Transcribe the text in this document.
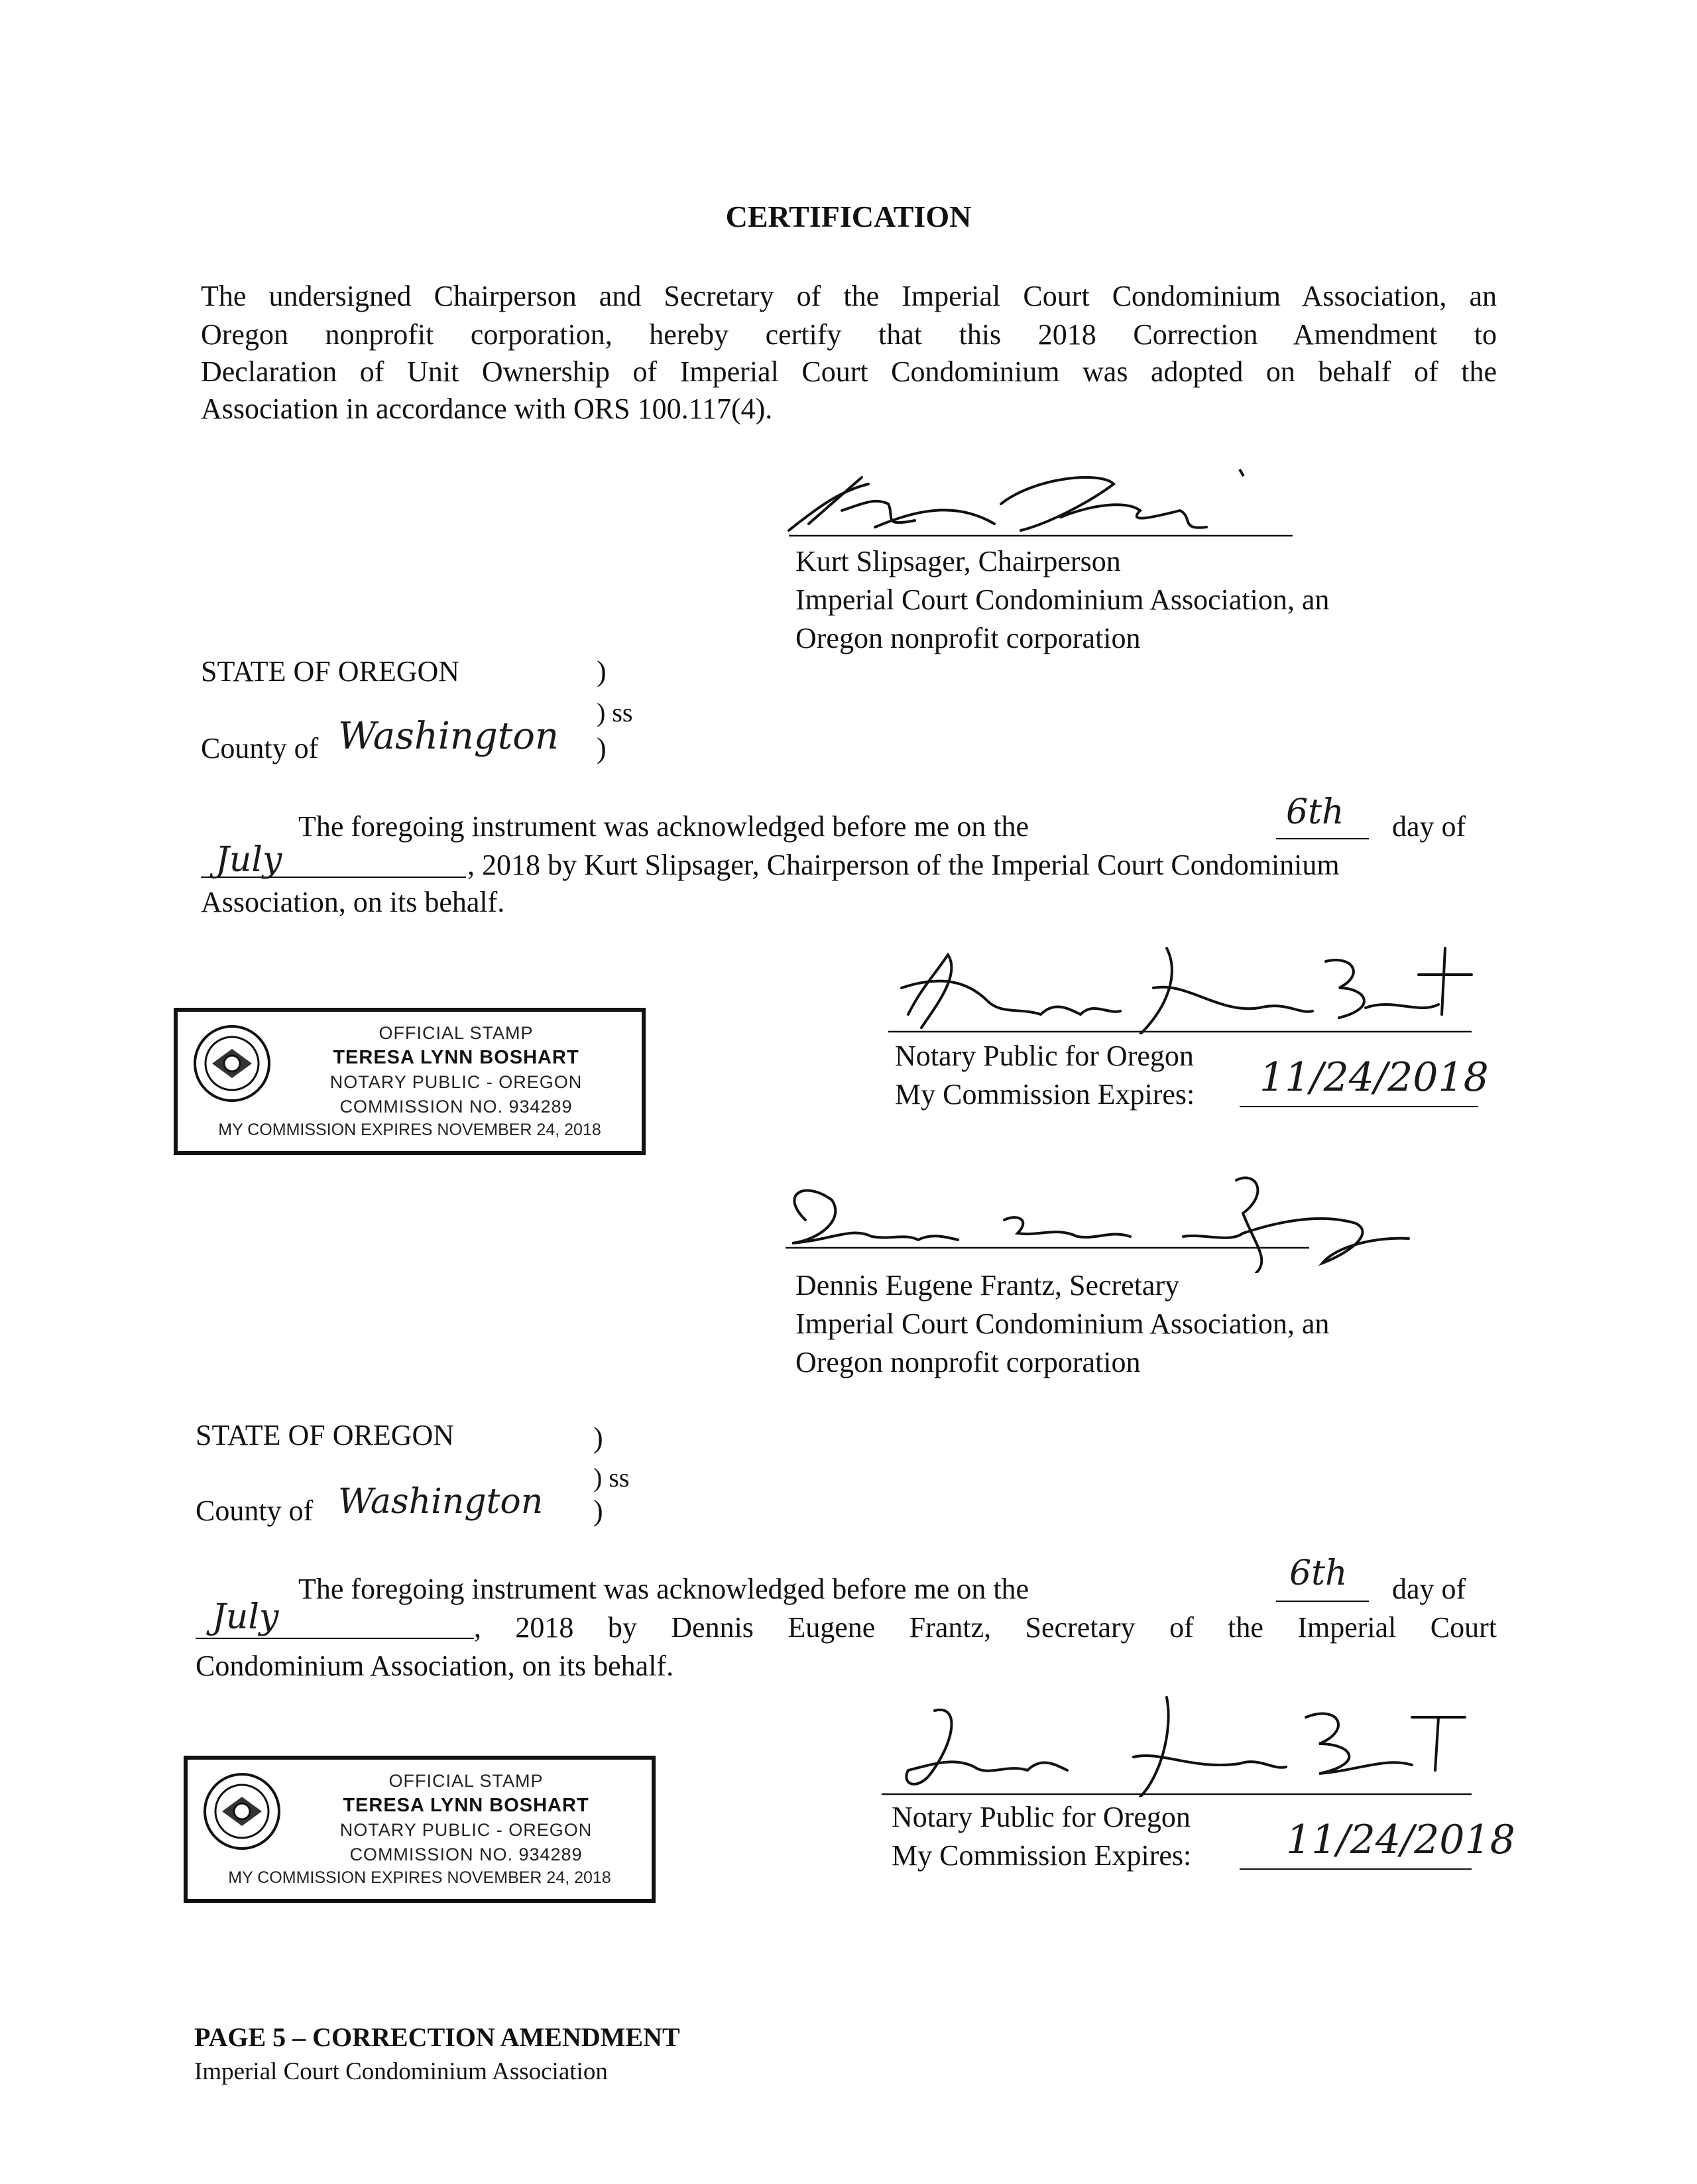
CERTIFICATION
The undersigned Chairperson and Secretary of the Imperial Court Condominium Association, an
Oregon nonprofit corporation, hereby certify that this 2018 Correction Amendment to
Declaration of Unit Ownership of Imperial Court Condominium was adopted on behalf of the
Association in accordance with ORS 100.117(4).
Kurt Slipsager, Chairperson
Imperial Court Condominium Association, an
Oregon nonprofit corporation
STATE OF OREGON	)
) ss
County of Washington	)
The foregoing instrument was acknowledged before me on the	6th day of
July	, 2018 by Kurt Slipsager, Chairperson of the Imperial Court Condominium
Association, on its behalf.
OFFICIAL STAMP
TERESA LYNN BOSHART
NOTARY PUBLIC - OREGON
COMMISSION NO. 934289
MY COMMISSION EXPIRES NOVEMBER 24, 2018
Notary Public for Oregon
My Commission Expires: 11/24/2018
Dennis Eugene Frantz, Secretary
Imperial Court Condominium Association, an
Oregon nonprofit corporation
STATE OF OREGON	)
) ss
County of Washington	)
The foregoing instrument was acknowledged before me on the	6th day of
July	, 2018 by Dennis Eugene Frantz, Secretary of the Imperial Court
Condominium Association, on its behalf.
OFFICIAL STAMP
TERESA LYNN BOSHART
NOTARY PUBLIC - OREGON
COMMISSION NO. 934289
MY COMMISSION EXPIRES NOVEMBER 24, 2018
Notary Public for Oregon
My Commission Expires: 11/24/2018
PAGE 5 – CORRECTION AMENDMENT
Imperial Court Condominium Association
